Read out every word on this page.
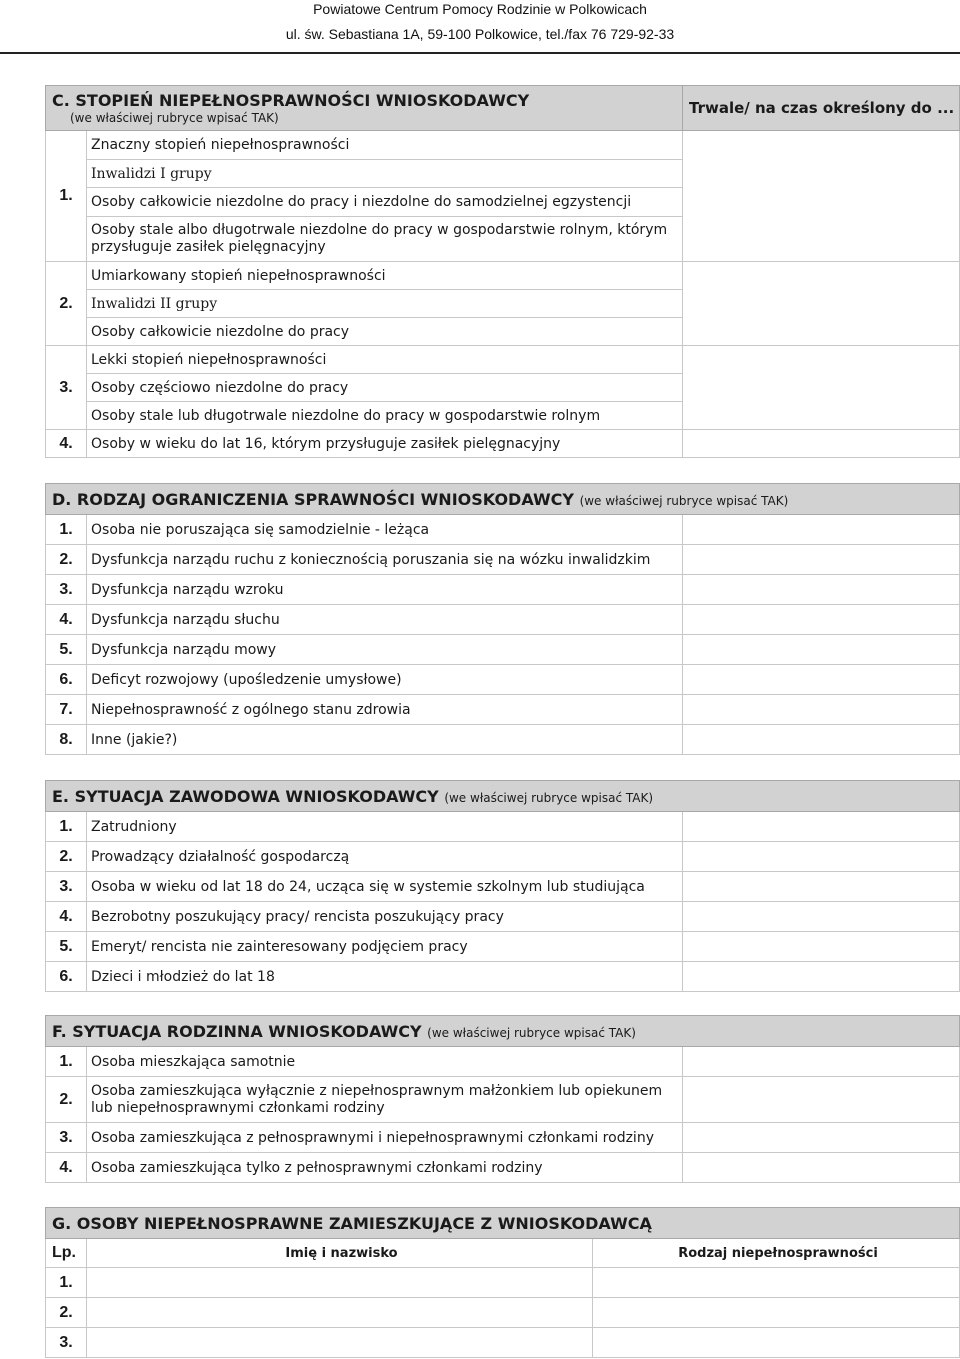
Powiatowe Centrum Pomocy Rodzinie w Polkowicach
ul. św. Sebastiana 1A, 59-100 Polkowice, tel./fax 76 729-92-33
C. STOPIEŃ NIEPEŁNOSPRAWNOŚCI WNIOSKODAWCY
(we właściwej rubryce wpisać TAK)		Trwale/ na czas określony do ...
1.	Znaczny stopień niepełnosprawności	
	Inwalidzi I grupy	
	Osoby całkowicie niezdolne do pracy i niezdolne do samodzielnej egzystencji	
	Osoby stale albo długotrwale niezdolne do pracy w gospodarstwie rolnym, którym przysługuje zasiłek pielęgnacyjny	
2.	Umiarkowany stopień niepełnosprawności	
	Inwalidzi II grupy	
	Osoby całkowicie niezdolne do pracy	
3.	Lekki stopień niepełnosprawności	
	Osoby częściowo niezdolne do pracy	
	Osoby stale lub długotrwale niezdolne do pracy w gospodarstwie rolnym	
4.	Osoby w wieku do lat 16, którym przysługuje zasiłek pielęgnacyjny	
D. RODZAJ OGRANICZENIA SPRAWNOŚCI WNIOSKODAWCY (we właściwej rubryce wpisać TAK)		
1.	Osoba nie poruszająca się samodzielnie - leżąca	
2.	Dysfunkcja narządu ruchu z koniecznością poruszania się na wózku inwalidzkim	
3.	Dysfunkcja narządu wzroku	
4.	Dysfunkcja narządu słuchu	
5.	Dysfunkcja narządu mowy	
6.	Deficyt rozwojowy (upośledzenie umysłowe)	
7.	Niepełnosprawność z ogólnego stanu zdrowia	
8.	Inne (jakie?)	
E. SYTUACJA ZAWODOWA WNIOSKODAWCY (we właściwej rubryce wpisać TAK)		
1.	Zatrudniony	
2.	Prowadzący działalność gospodarczą	
3.	Osoba w wieku od lat 18 do 24, ucząca się w systemie szkolnym lub studiująca	
4.	Bezrobotny poszukujący pracy/ rencista poszukujący pracy	
5.	Emeryt/ rencista nie zainteresowany podjęciem pracy	
6.	Dzieci i młodzież do lat 18	
F. SYTUACJA RODZINNA WNIOSKODAWCY (we właściwej rubryce wpisać TAK)		
1.	Osoba mieszkająca samotnie	
2.	Osoba zamieszkująca wyłącznie z niepełnosprawnym małżonkiem lub opiekunem lub niepełnosprawnymi członkami rodziny	
3.	Osoba zamieszkująca z pełnosprawnymi i niepełnosprawnymi członkami rodziny	
4.	Osoba zamieszkująca tylko z pełnosprawnymi członkami rodziny	
G. OSOBY NIEPEŁNOSPRAWNE ZAMIESZKUJĄCE Z WNIOSKODAWCĄ		
Lp.	Imię i nazwisko	Rodzaj niepełnosprawności
1.		
2.		
3.		
